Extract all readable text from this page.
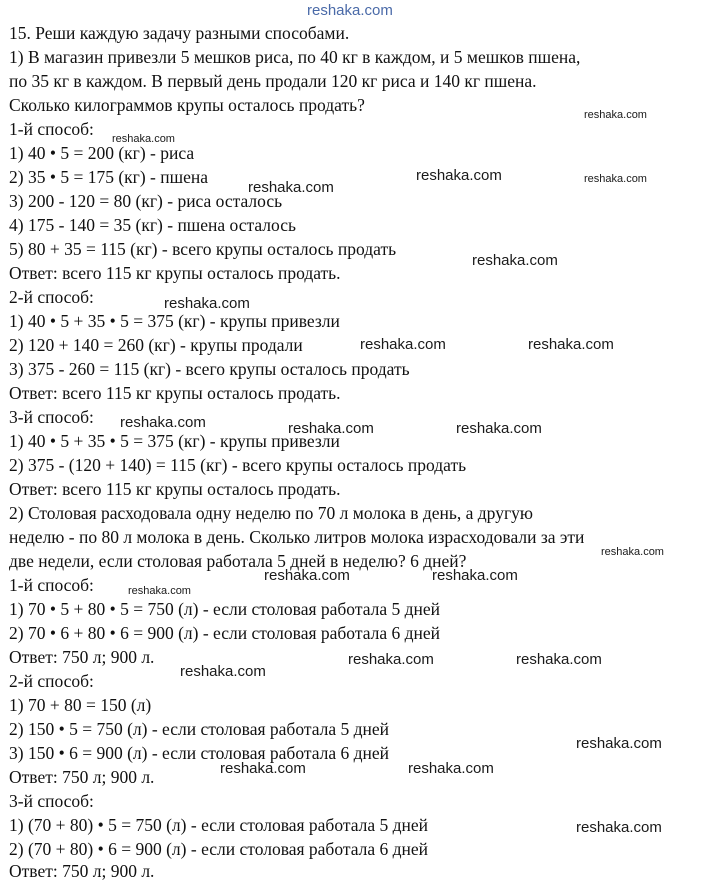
15. Реши каждую задачу разными способами.
1) В магазин привезли 5 мешков риса, по 40 кг в каждом, и 5 мешков пшена,
по 35 кг в каждом. В первый день продали 120 кг риса и 140 кг пшена.
Сколько килограммов крупы осталось продать?
1-й способ:
1) 40 • 5 = 200 (кг) - риса
2) 35 • 5 = 175 (кг) - пшена
3) 200 - 120 = 80 (кг) - риса осталось
4) 175 - 140 = 35 (кг) - пшена осталось
5) 80 + 35 = 115 (кг) - всего крупы осталось продать
Ответ: всего 115 кг крупы осталось продать.
2-й способ:
1) 40 • 5 + 35 • 5 = 375 (кг) - крупы привезли
2) 120 + 140 = 260 (кг) - крупы продали
3) 375 - 260 = 115 (кг) - всего крупы осталось продать
Ответ: всего 115 кг крупы осталось продать.
3-й способ:
1) 40 • 5 + 35 • 5 = 375 (кг) - крупы привезли
2) 375 - (120 + 140) = 115 (кг) - всего крупы осталось продать
Ответ: всего 115 кг крупы осталось продать.
2) Столовая расходовала одну неделю по 70 л молока в день, а другую
неделю - по 80 л молока в день. Сколько литров молока израсходовали за эти
две недели, если столовая работала 5 дней в неделю? 6 дней?
1-й способ:
1) 70 • 5 + 80 • 5 = 750 (л) - если столовая работала 5 дней
2) 70 • 6 + 80 • 6 = 900 (л) - если столовая работала 6 дней
Ответ: 750 л; 900 л.
2-й способ:
1) 70 + 80 = 150 (л)
2) 150 • 5 = 750 (л) - если столовая работала 5 дней
3) 150 • 6 = 900 (л) - если столовая работала 6 дней
Ответ: 750 л; 900 л.
3-й способ:
1) (70 + 80) • 5 = 750 (л) - если столовая работала 5 дней
2) (70 + 80) • 6 = 900 (л) - если столовая работала 6 дней
Ответ: 750 л; 900 л.
reshaka.com
reshaka.com
reshaka.com
reshaka.com	reshaka.com
reshaka.com
reshaka.com
reshaka.com
reshaka.com	reshaka.com
reshaka.com	reshaka.com	reshaka.com
reshaka.com
reshaka.com	reshaka.com
reshaka.com
reshaka.com	reshaka.com
reshaka.com
reshaka.com
reshaka.com	reshaka.com
reshaka.com
